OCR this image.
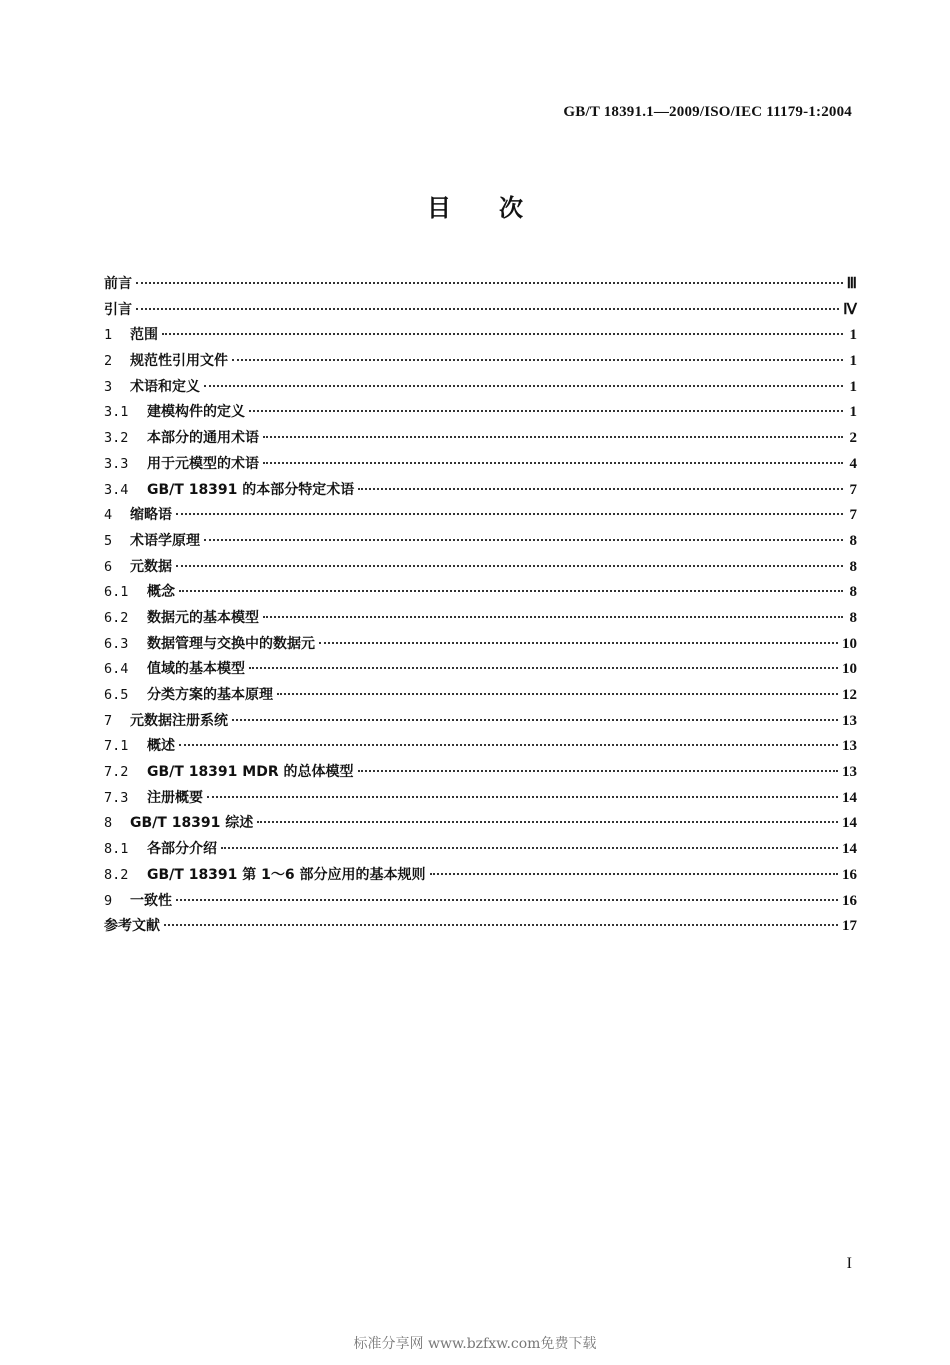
GB/T 18391.1—2009/ISO/IEC 11179-1:2004
目 次
前言	Ⅲ
引言	Ⅳ
1	范围	1
2	规范性引用文件	1
3	术语和定义	1
3.1	建模构件的定义	1
3.2	本部分的通用术语	2
3.3	用于元模型的术语	4
3.4	GB/T 18391 的本部分特定术语	7
4	缩略语	7
5	术语学原理	8
6	元数据	8
6.1	概念	8
6.2	数据元的基本模型	8
6.3	数据管理与交换中的数据元	10
6.4	值域的基本模型	10
6.5	分类方案的基本原理	12
7	元数据注册系统	13
7.1	概述	13
7.2	GB/T 18391 MDR 的总体模型	13
7.3	注册概要	14
8	GB/T 18391 综述	14
8.1	各部分介绍	14
8.2	GB/T 18391 第 1～6 部分应用的基本规则	16
9	一致性	16
参考文献	17
I
标准分享网 www.bzfxw.com免费下载
